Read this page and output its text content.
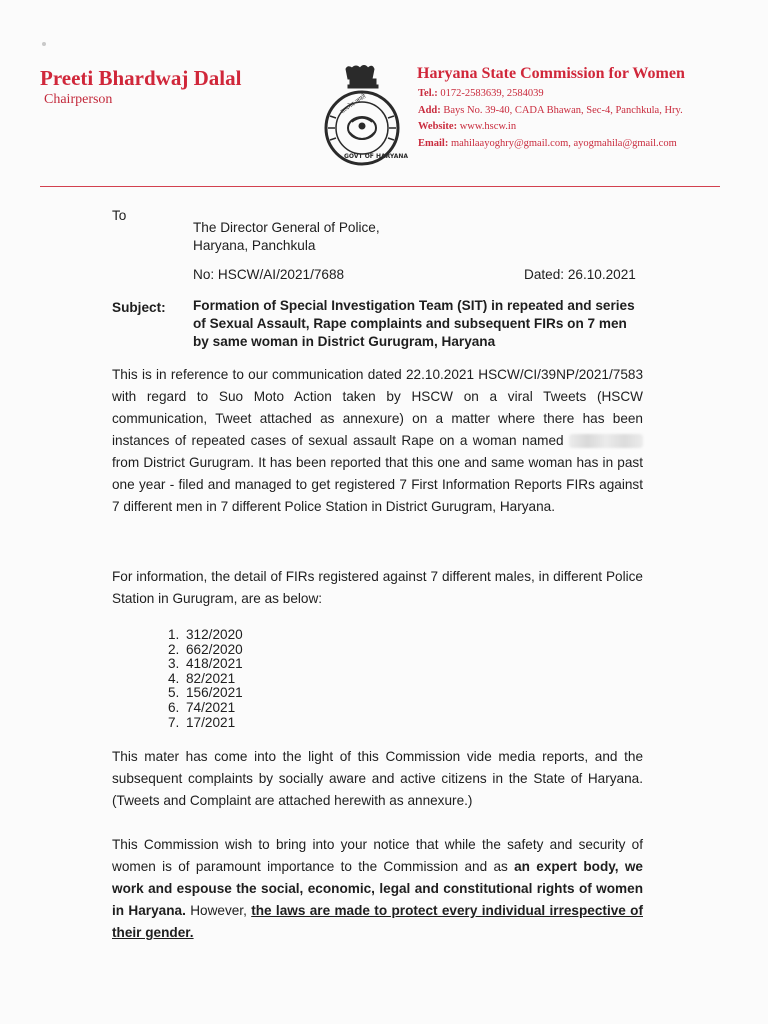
Preeti Bhardwaj Dalal
Chairperson	सत्यमेव जयते
GOVT OF HARYANA
Haryana State Commission for Women
Tel.: 0172-2583639, 2584039
Add: Bays No. 39-40, CADA Bhawan, Sec-4, Panchkula, Hry.
Website: www.hscw.in
Email: mahilaayoghry@gmail.com, ayogmahila@gmail.com
To
The Director General of Police,
Haryana, Panchkula
No: HSCW/AI/2021/7688	Dated: 26.10.2021
Subject: Formation of Special Investigation Team (SIT) in repeated and series of Sexual Assault, Rape complaints and subsequent FIRs on 7 men by same woman in District Gurugram, Haryana
This is in reference to our communication dated 22.10.2021 HSCW/CI/39NP/2021/7583 with regard to Suo Moto Action taken by HSCW on a viral Tweets (HSCW communication, Tweet attached as annexure) on a matter where there has been instances of repeated cases of sexual assault Rape on a woman named  from District Gurugram. It has been reported that this one and same woman has in past one year - filed and managed to get registered 7 First Information Reports FIRs against 7 different men in 7 different Police Station in District Gurugram, Haryana.
For information, the detail of FIRs registered against 7 different males, in different Police Station in Gurugram, are as below:
1. 312/2020
2. 662/2020
3. 418/2021
4. 82/2021
5. 156/2021
6. 74/2021
7. 17/2021
This mater has come into the light of this Commission vide media reports, and the subsequent complaints by socially aware and active citizens in the State of Haryana. (Tweets and Complaint are attached herewith as annexure.)
This Commission wish to bring into your notice that while the safety and security of women is of paramount importance to the Commission and as an expert body, we work and espouse the social, economic, legal and constitutional rights of women in Haryana. However, the laws are made to protect every individual irrespective of their gender.
